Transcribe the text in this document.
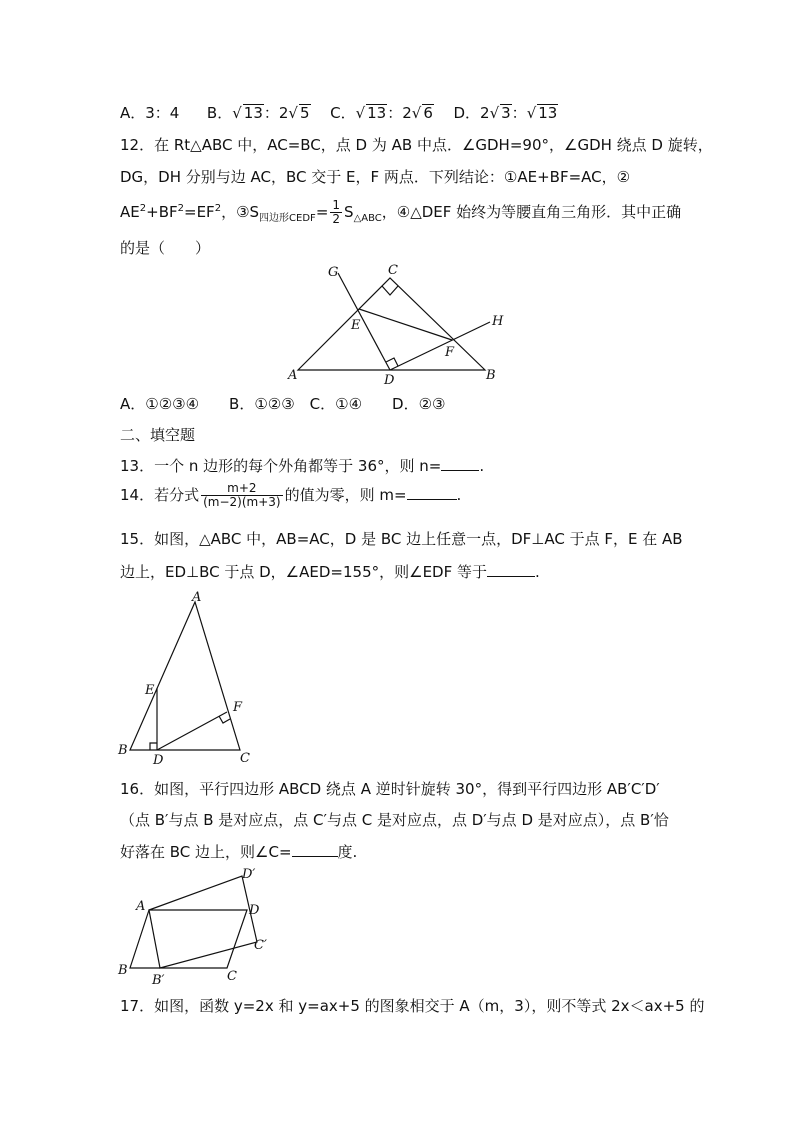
A．3：4 B．√ 13：2√ 5 C．√ 13：2√ 6 D．2√ 3：√ 13
12．在 Rt△ABC 中，AC=BC，点 D 为 AB 中点．∠GDH=90°，∠GDH 绕点 D 旋转，
DG，DH 分别与边 AC，BC 交于 E，F 两点．下列结论：①AE+BF=AC，②
$AE^2+BF^2=EF^2$，$③S_{四边形CEDF}= \frac{1}{2} S_{\triangle ABC}$，④△DEF 始终为等腰直角三角形．其中正确
的是（　　）
G	C
H
E
F
A	D	B
A．①②③④　　B．①②③　C．①④　　D．②③
二、填空题
13．一个 n 边形的每个外角都等于 36°，则 n=	.
14．若分式 $\frac{m+2}{(m-2)(m+3)}$ 的值为零，则 m=	.
15．如图，△ABC 中，AB=AC，D 是 BC 边上任意一点，DF⊥AC 于点 F，E 在 AB
边上，ED⊥BC 于点 D，∠AED=155°，则∠EDF 等于	.
A
E
F
B
D	C
16．如图，平行四边形 ABCD 绕点 A 逆时针旋转 30°，得到平行四边形 AB′C′D′
（点 B′与点 B 是对应点，点 C′与点 C 是对应点，点 D′与点 D 是对应点），点 B′恰
好落在 BC 边上，则∠C=	度.
A	D
D′
C′
B
B′	C
17．如图，函数 y=2x 和 y=ax+5 的图象相交于 A（m，3），则不等式 2x＜ax+5 的
